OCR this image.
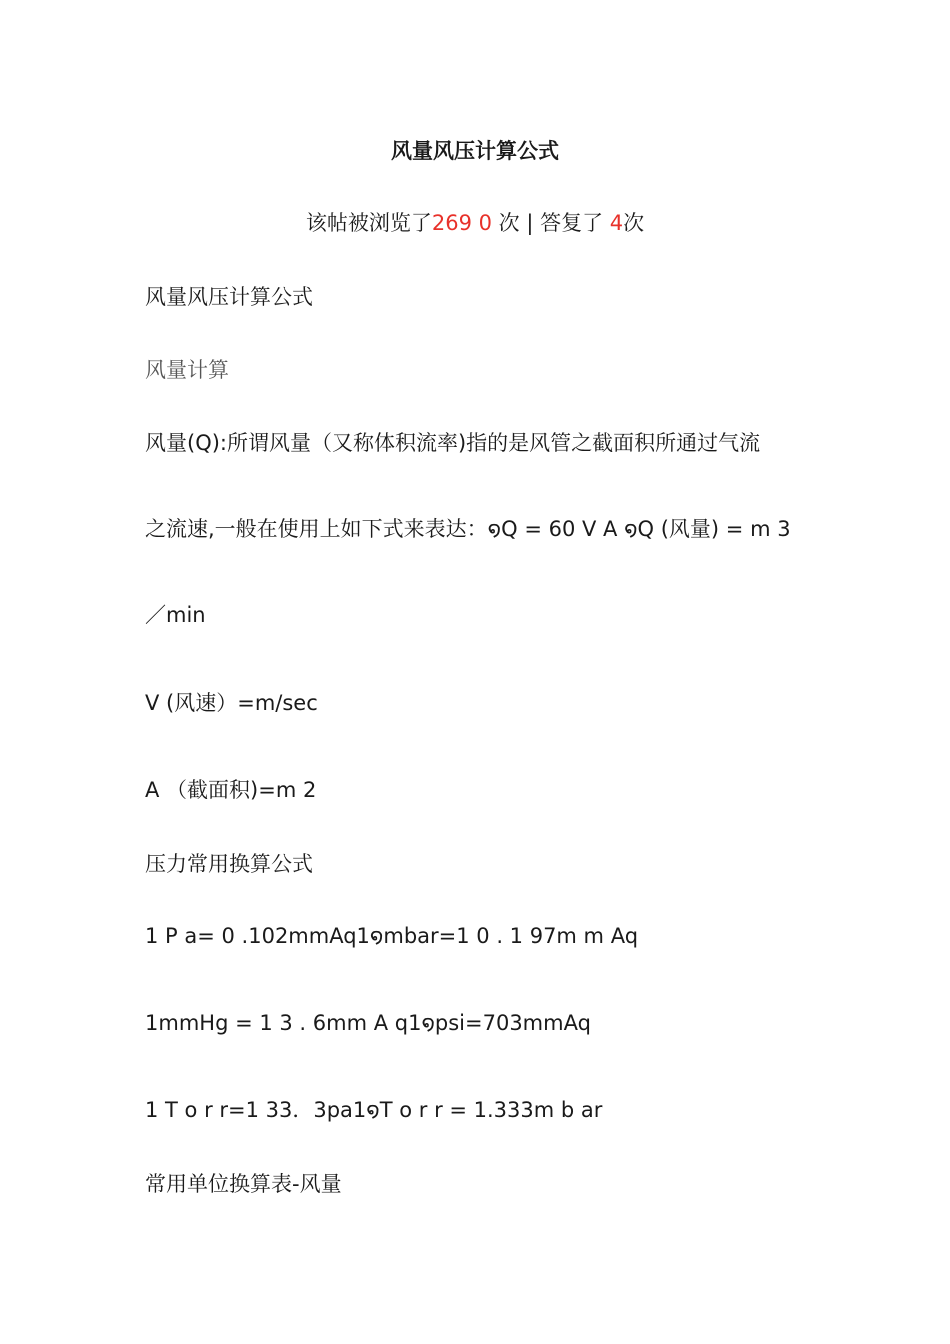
风量风压计算公式
该帖被浏览了269 0 次 | 答复了 4次
风量风压计算公式
风量计算
风量(Q):所谓风量（又称体积流率)指的是风管之截面积所通过气流
之流速,一般在使用上如下式来表达：໑Q = 60 V A ໑Q (风量) = m 3
／min
V (风速）=m/sec
A （截面积)=m 2
压力常用换算公式
1 P a= 0 .102mmAq1໑mbar=1 0 . 1 97m m Aq
1mmHg = 1 3 . 6mm A q1໑psi=703mmAq
1 T o r r=1 33．3pa1໑T o r r = 1.333m b ar
常用单位换算表-风量
